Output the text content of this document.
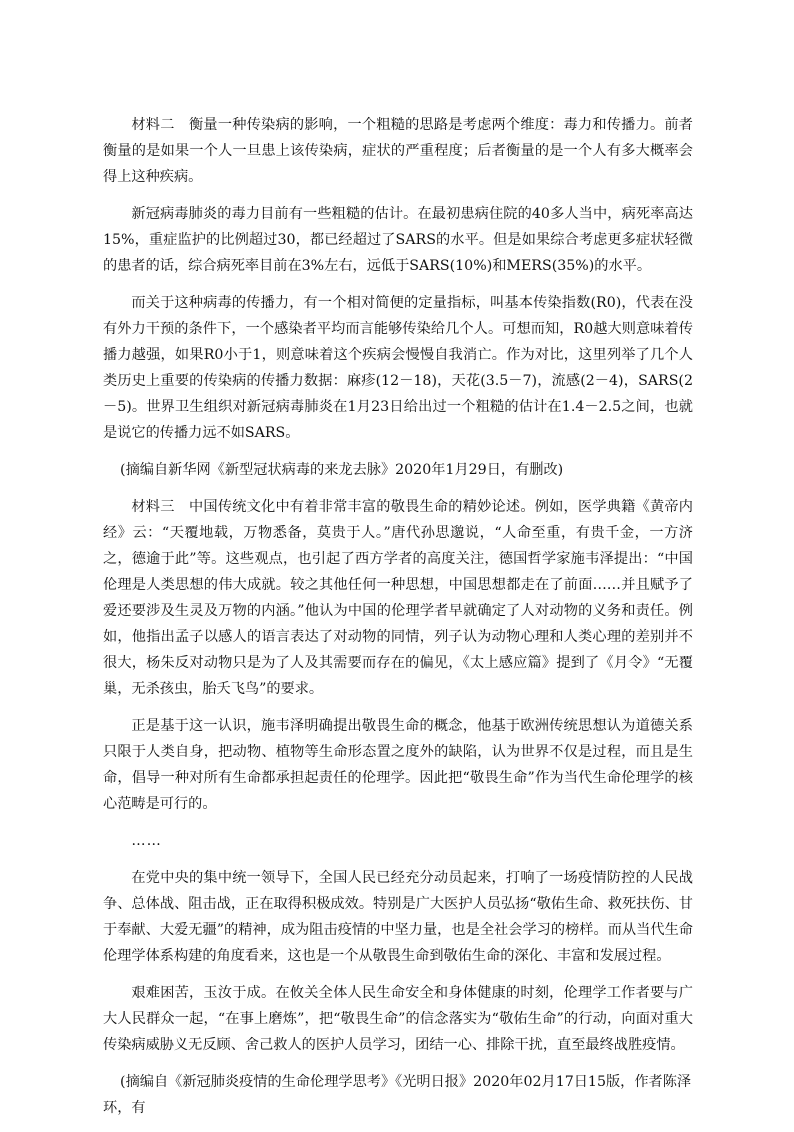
材料二　衡量一种传染病的影响，一个粗糙的思路是考虑两个维度：毒力和传播力。前者衡量的是如果一个人一旦患上该传染病，症状的严重程度；后者衡量的是一个人有多大概率会得上这种疾病。

新冠病毒肺炎的毒力目前有一些粗糙的估计。在最初患病住院的40多人当中，病死率高达15%，重症监护的比例超过30，都已经超过了SARS的水平。但是如果综合考虑更多症状轻微的患者的话，综合病死率目前在3%左右，远低于SARS(10%)和MERS(35%)的水平。

而关于这种病毒的传播力，有一个相对简便的定量指标，叫基本传染指数(R0)，代表在没有外力干预的条件下，一个感染者平均而言能够传染给几个人。可想而知，R0越大则意味着传播力越强，如果R0小于1，则意味着这个疾病会慢慢自我消亡。作为对比，这里列举了几个人类历史上重要的传染病的传播力数据：麻疹(12－18)，天花(3.5－7)，流感(2－4)，SARS(2－5)。世界卫生组织对新冠病毒肺炎在1月23日给出过一个粗糙的估计在1.4－2.5之间，也就是说它的传播力远不如SARS。

(摘编自新华网《新型冠状病毒的来龙去脉》2020年1月29日，有删改)

材料三　中国传统文化中有着非常丰富的敬畏生命的精妙论述。例如，医学典籍《黄帝内经》云：“天覆地载，万物悉备，莫贵于人。”唐代孙思邈说，“人命至重，有贵千金，一方济之，德逾于此”等。这些观点，也引起了西方学者的高度关注，德国哲学家施韦泽提出：“中国伦理是人类思想的伟大成就。较之其他任何一种思想，中国思想都走在了前面……并且赋予了爱还要涉及生灵及万物的内涵。”他认为中国的伦理学者早就确定了人对动物的义务和责任。例如，他指出孟子以感人的语言表达了对动物的同情，列子认为动物心理和人类心理的差别并不很大，杨朱反对动物只是为了人及其需要而存在的偏见，《太上感应篇》提到了《月令》“无覆巢，无杀孩虫，胎夭飞鸟”的要求。

正是基于这一认识，施韦泽明确提出敬畏生命的概念，他基于欧洲传统思想认为道德关系只限于人类自身，把动物、植物等生命形态置之度外的缺陷，认为世界不仅是过程，而且是生命，倡导一种对所有生命都承担起责任的伦理学。因此把“敬畏生命”作为当代生命伦理学的核心范畴是可行的。

……

在党中央的集中统一领导下，全国人民已经充分动员起来，打响了一场疫情防控的人民战争、总体战、阻击战，正在取得积极成效。特别是广大医护人员弘扬“敬佑生命、救死扶伤、甘于奉献、大爱无疆”的精神，成为阻击疫情的中坚力量，也是全社会学习的榜样。而从当代生命伦理学体系构建的角度看来，这也是一个从敬畏生命到敬佑生命的深化、丰富和发展过程。

艰难困苦，玉汝于成。在攸关全体人民生命安全和身体健康的时刻，伦理学工作者要与广大人民群众一起，“在事上磨炼”，把“敬畏生命”的信念落实为“敬佑生命”的行动，向面对重大传染病威胁义无反顾、舍己救人的医护人员学习，团结一心、排除干扰，直至最终战胜疫情。

(摘编自《新冠肺炎疫情的生命伦理学思考》《光明日报》2020年02月17日15版，作者陈泽环，有
